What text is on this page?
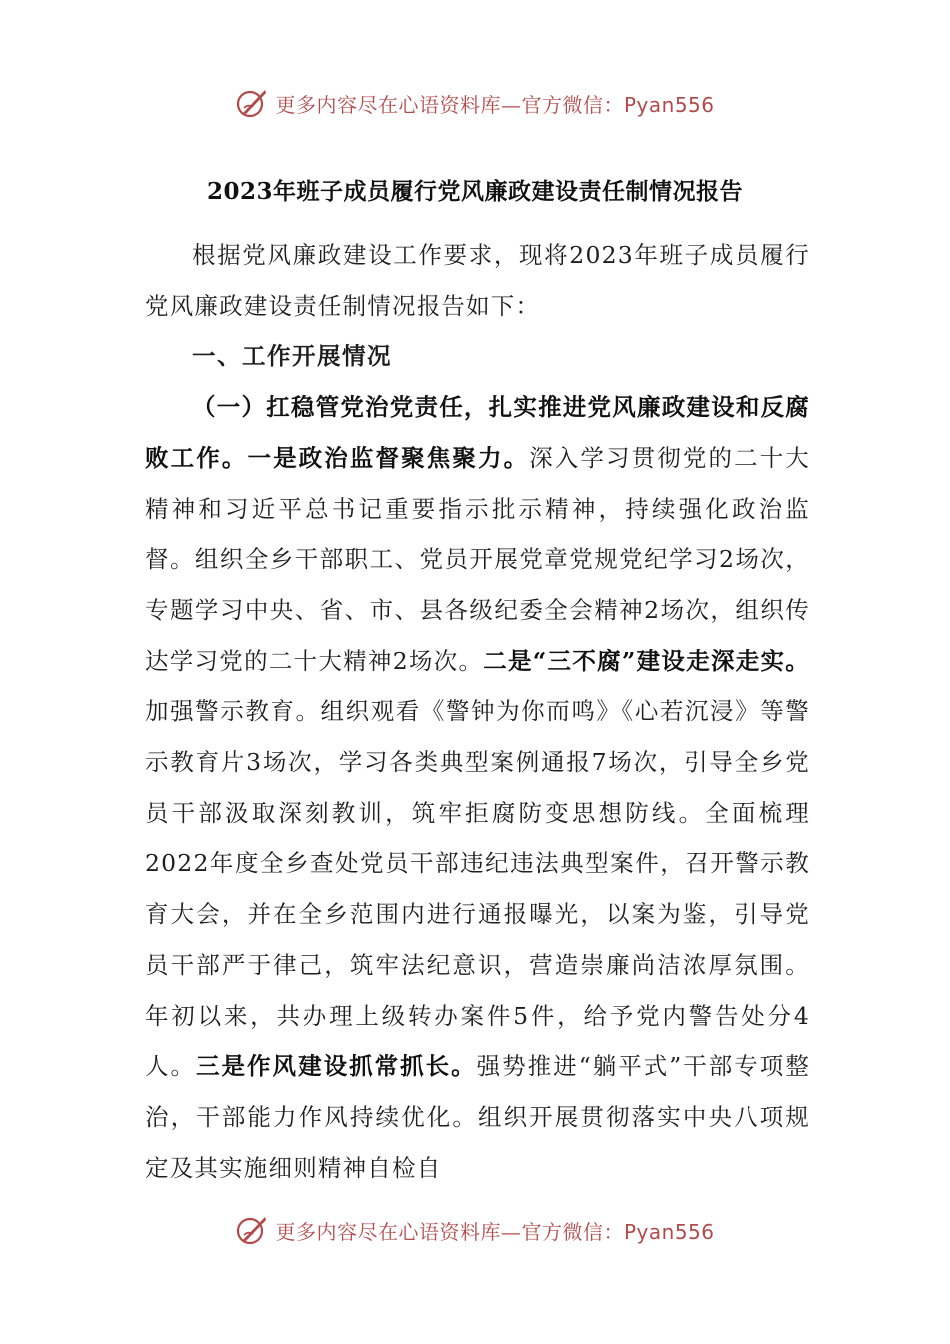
更多内容尽在心语资料库—官方微信：Pyan556
2023年班子成员履行党风廉政建设责任制情况报告

根据党风廉政建设工作要求，现将2023年班子成员履行党风廉政建设责任制情况报告如下：

一、工作开展情况

（一）扛稳管党治党责任，扎实推进党风廉政建设和反腐败工作。一是政治监督聚焦聚力。深入学习贯彻党的二十大精神和习近平总书记重要指示批示精神，持续强化政治监督。组织全乡干部职工、党员开展党章党规党纪学习2场次，专题学习中央、省、市、县各级纪委全会精神2场次，组织传达学习党的二十大精神2场次。二是“三不腐”建设走深走实。加强警示教育。组织观看《警钟为你而鸣》《心若沉浸》等警示教育片3场次，学习各类典型案例通报7场次，引导全乡党员干部汲取深刻教训，筑牢拒腐防变思想防线。全面梳理2022年度全乡查处党员干部违纪违法典型案件，召开警示教育大会，并在全乡范围内进行通报曝光，以案为鉴，引导党员干部严于律己，筑牢法纪意识，营造崇廉尚洁浓厚氛围。年初以来，共办理上级转办案件5件，给予党内警告处分4人。三是作风建设抓常抓长。强势推进“躺平式”干部专项整治，干部能力作风持续优化。组织开展贯彻落实中央八项规定及其实施细则精神自检自

更多内容尽在心语资料库—官方微信：Pyan556
